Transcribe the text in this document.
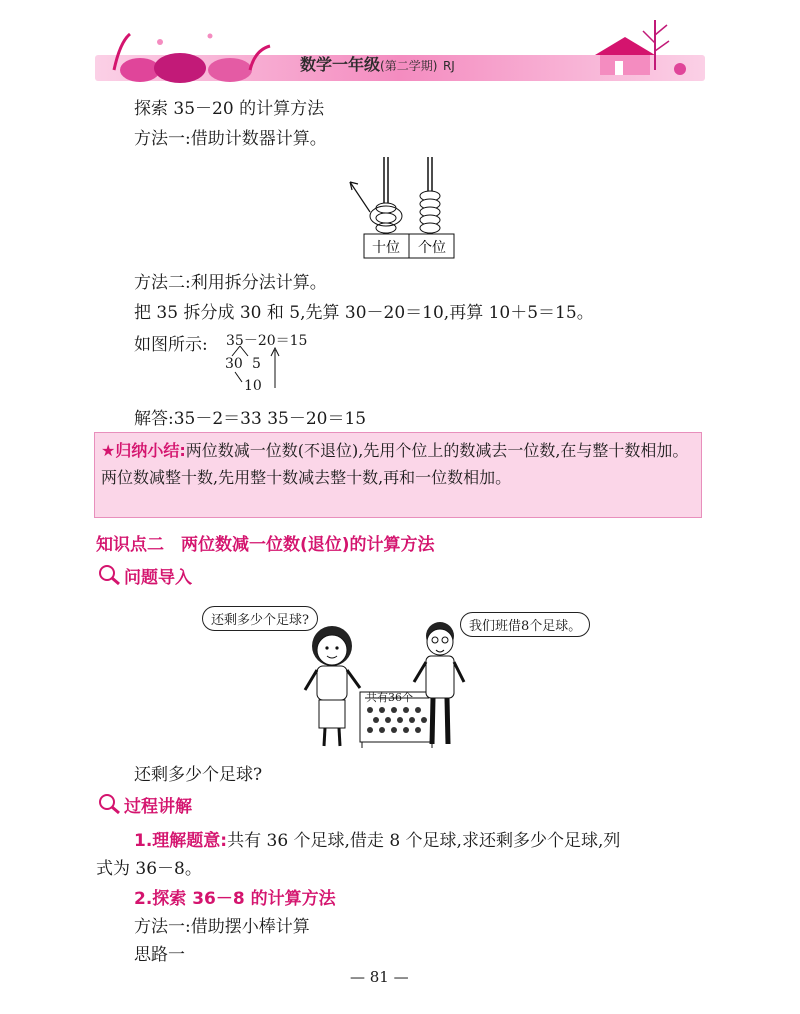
数学一年级(第二学期) RJ
探索 35－20 的计算方法
方法一:借助计数器计算。
十位 个位
方法二:利用拆分法计算。
把 35 拆分成 30 和 5,先算 30－20＝10,再算 10＋5＝15。
如图所示: 35－20＝15
30 5
10
解答:35－2＝33 35－20＝15
★归纳小结:两位数减一位数(不退位),先用个位上的数减去一位数,在与整十数相加。两位数减整十数,先用整十数减去整十数,再和一位数相加。
知识点二　两位数减一位数(退位)的计算方法
问题导入
还剩多少个足球?	我们班借8个足球。
共有36个
还剩多少个足球?
过程讲解
1.理解题意:共有 36 个足球,借走 8 个足球,求还剩多少个足球,列
式为 36－8。
2.探索 36－8 的计算方法
方法一:借助摆小棒计算
思路一
— 81 —
